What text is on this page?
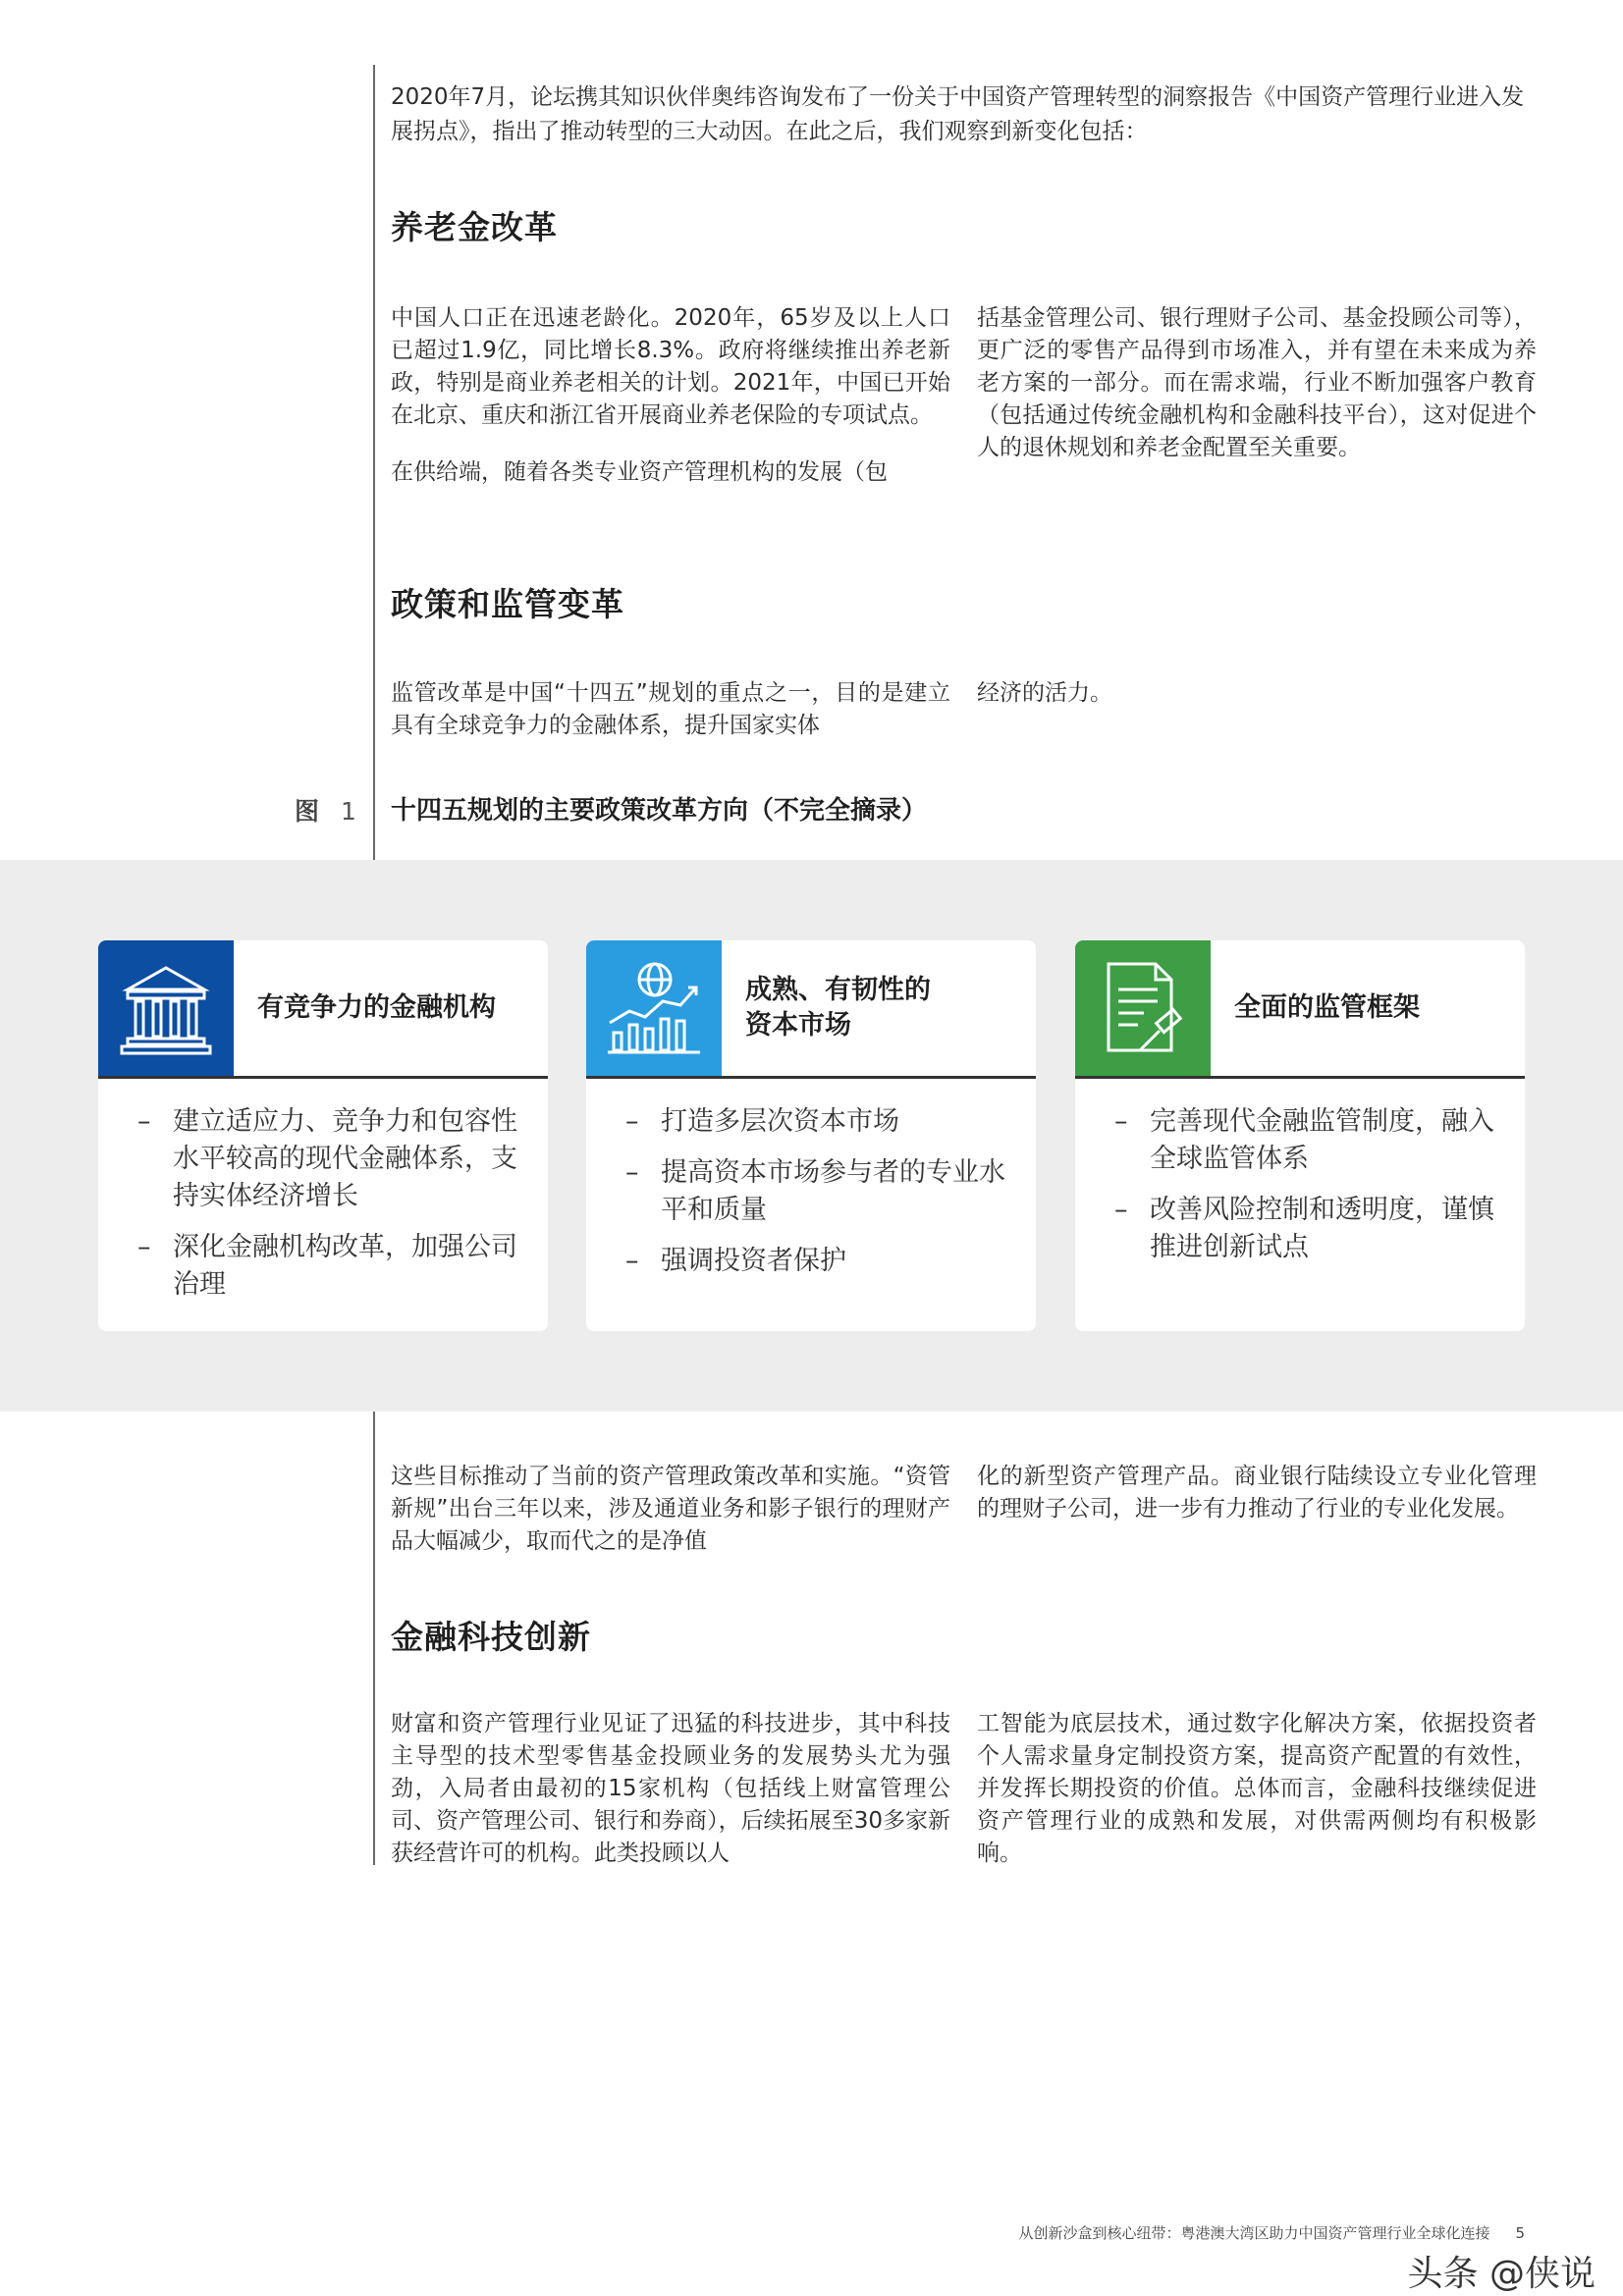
2020年7月，论坛携其知识伙伴奥纬咨询发布了一份关于中国资产管理转型的洞察报告《中国资产管理行业进入发展拐点》，指出了推动转型的三大动因。在此之后，我们观察到新变化包括：
养老金改革

中国人口正在迅速老龄化。2020年，65岁及以上人口已超过1.9亿，同比增长8.3%。政府将继续推出养老新政，特别是商业养老相关的计划。2021年，中国已开始在北京、重庆和浙江省开展商业养老保险的专项试点。

在供给端，随着各类专业资产管理机构的发展（包

括基金管理公司、银行理财子公司、基金投顾公司等），更广泛的零售产品得到市场准入，并有望在未来成为养老方案的一部分。而在需求端，行业不断加强客户教育（包括通过传统金融机构和金融科技平台），这对促进个人的退休规划和养老金配置至关重要。

政策和监管变革

监管改革是中国“十四五”规划的重点之一，目的是建立具有全球竞争力的金融体系，提升国家实体

经济的活力。

图 1 十四五规划的主要政策改革方向（不完全摘录）
有竞争力的金融机构
– 建立适应力、竞争力和包容性水平较高的现代金融体系，支持实体经济增长
– 深化金融机构改革，加强公司治理
成熟、有韧性的
资本市场
– 打造多层次资本市场
– 提高资本市场参与者的专业水平和质量
– 强调投资者保护
全面的监管框架
– 完善现代金融监管制度，融入全球监管体系
– 改善风险控制和透明度，谨慎推进创新试点

这些目标推动了当前的资产管理政策改革和实施。“资管新规”出台三年以来，涉及通道业务和影子银行的理财产品大幅减少，取而代之的是净值

化的新型资产管理产品。商业银行陆续设立专业化管理的理财子公司，进一步有力推动了行业的专业化发展。

金融科技创新

财富和资产管理行业见证了迅猛的科技进步，其中科技主导型的技术型零售基金投顾业务的发展势头尤为强劲，入局者由最初的15家机构（包括线上财富管理公司、资产管理公司、银行和券商），后续拓展至30多家新获经营许可的机构。此类投顾以人

工智能为底层技术，通过数字化解决方案，依据投资者个人需求量身定制投资方案，提高资产配置的有效性，并发挥长期投资的价值。总体而言，金融科技继续促进资产管理行业的成熟和发展，对供需两侧均有积极影响。

从创新沙盒到核心纽带：粤港澳大湾区助力中国资产管理行业全球化连接 5
头条 @侠说
